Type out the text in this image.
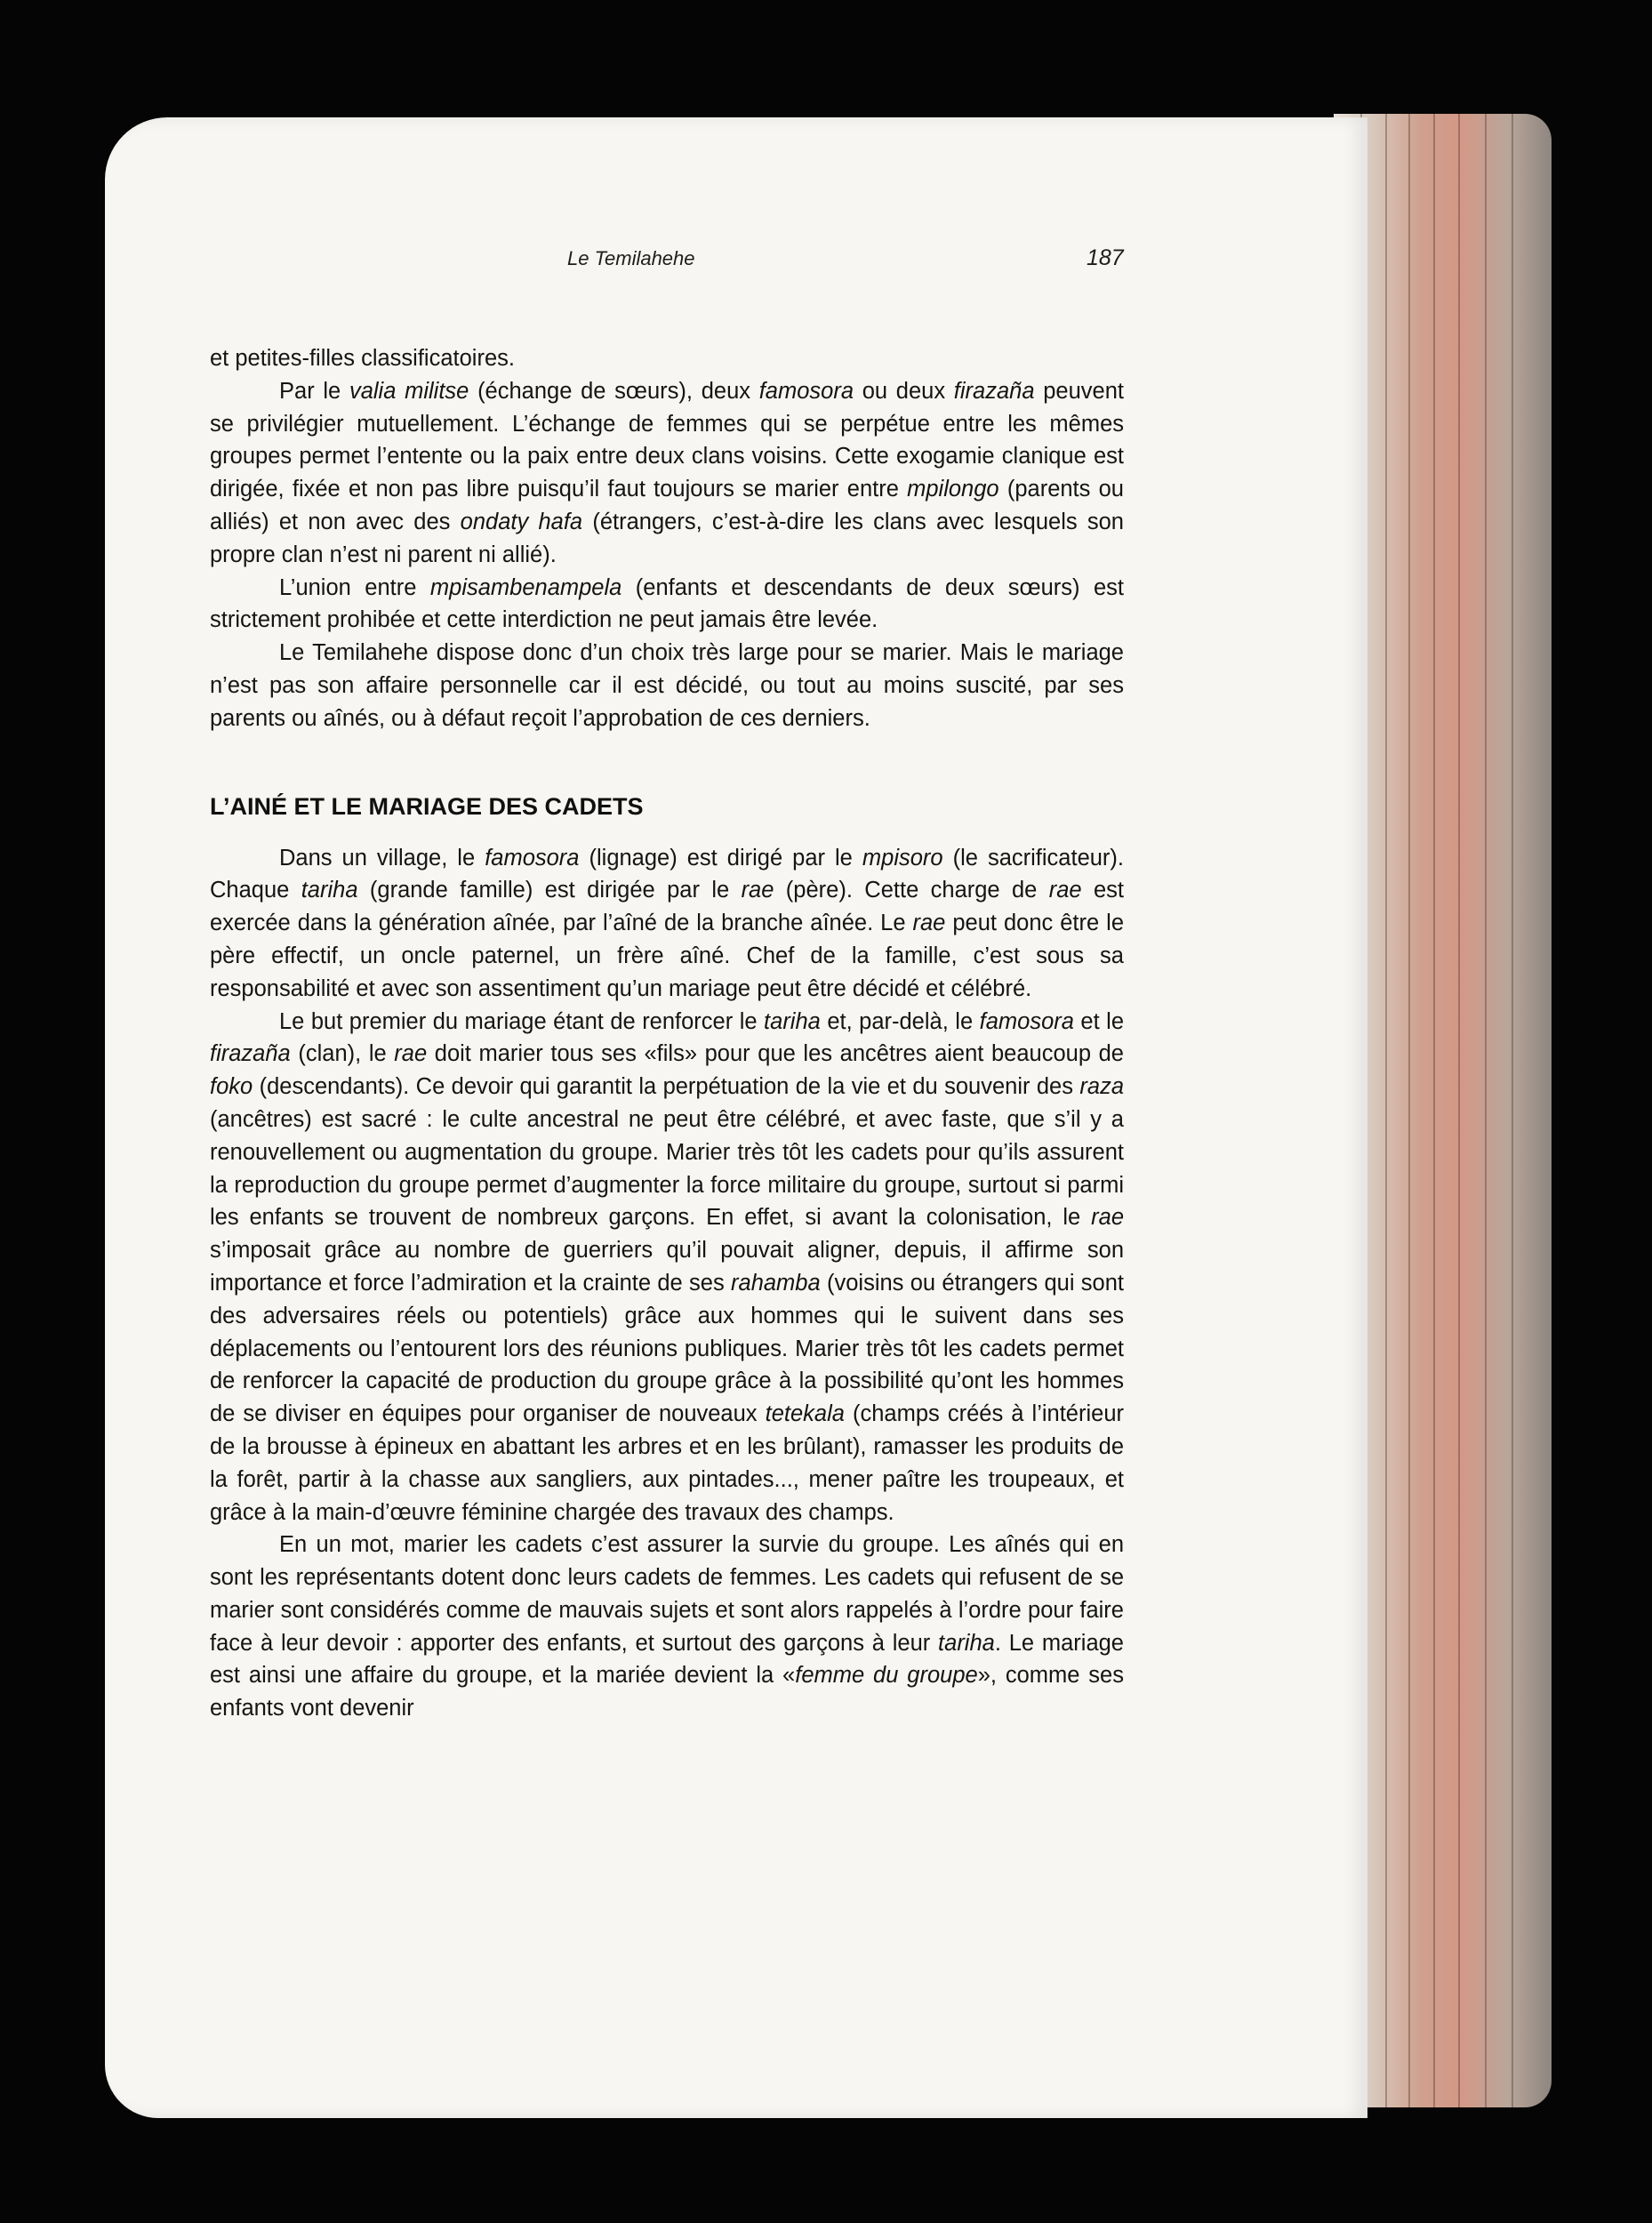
Le Temilahehe	187

et petites-filles classificatoires.

Par le valia militse (échange de sœurs), deux famosora ou deux firazaña peuvent se privilégier mutuellement. L’échange de femmes qui se perpétue entre les mêmes groupes permet l’entente ou la paix entre deux clans voisins. Cette exogamie clanique est dirigée, fixée et non pas libre puisqu’il faut toujours se marier entre mpilongo (parents ou alliés) et non avec des ondaty hafa (étrangers, c’est-à-dire les clans avec lesquels son propre clan n’est ni parent ni allié).

L’union entre mpisambenampela (enfants et descendants de deux sœurs) est strictement prohibée et cette interdiction ne peut jamais être levée.

Le Temilahehe dispose donc d’un choix très large pour se marier. Mais le mariage n’est pas son affaire personnelle car il est décidé, ou tout au moins suscité, par ses parents ou aînés, ou à défaut reçoit l’approbation de ces derniers.

L’AINÉ ET LE MARIAGE DES CADETS

Dans un village, le famosora (lignage) est dirigé par le mpisoro (le sacrificateur). Chaque tariha (grande famille) est dirigée par le rae (père). Cette charge de rae est exercée dans la génération aînée, par l’aîné de la branche aînée. Le rae peut donc être le père effectif, un oncle paternel, un frère aîné. Chef de la famille, c’est sous sa responsabilité et avec son assentiment qu’un mariage peut être décidé et célébré.

Le but premier du mariage étant de renforcer le tariha et, par-delà, le famosora et le firazaña (clan), le rae doit marier tous ses «fils» pour que les ancêtres aient beaucoup de foko (descendants). Ce devoir qui garantit la perpétuation de la vie et du souvenir des raza (ancêtres) est sacré : le culte ancestral ne peut être célébré, et avec faste, que s’il y a renouvellement ou augmentation du groupe. Marier très tôt les cadets pour qu’ils assurent la reproduction du groupe permet d’augmenter la force militaire du groupe, surtout si parmi les enfants se trouvent de nombreux garçons. En effet, si avant la colonisation, le rae s’imposait grâce au nombre de guerriers qu’il pouvait aligner, depuis, il affirme son importance et force l’admiration et la crainte de ses rahamba (voisins ou étrangers qui sont des adversaires réels ou potentiels) grâce aux hommes qui le suivent dans ses déplacements ou l’entourent lors des réunions publiques. Marier très tôt les cadets permet de renforcer la capacité de production du groupe grâce à la possibilité qu’ont les hommes de se diviser en équipes pour organiser de nouveaux tetekala (champs créés à l’intérieur de la brousse à épineux en abattant les arbres et en les brûlant), ramasser les produits de la forêt, partir à la chasse aux sangliers, aux pintades..., mener paître les troupeaux, et grâce à la main-d’œuvre féminine chargée des travaux des champs.

En un mot, marier les cadets c’est assurer la survie du groupe. Les aînés qui en sont les représentants dotent donc leurs cadets de femmes. Les cadets qui refusent de se marier sont considérés comme de mauvais sujets et sont alors rappelés à l’ordre pour faire face à leur devoir : apporter des enfants, et surtout des garçons à leur tariha. Le mariage est ainsi une affaire du groupe, et la mariée devient la «femme du groupe», comme ses enfants vont devenir
